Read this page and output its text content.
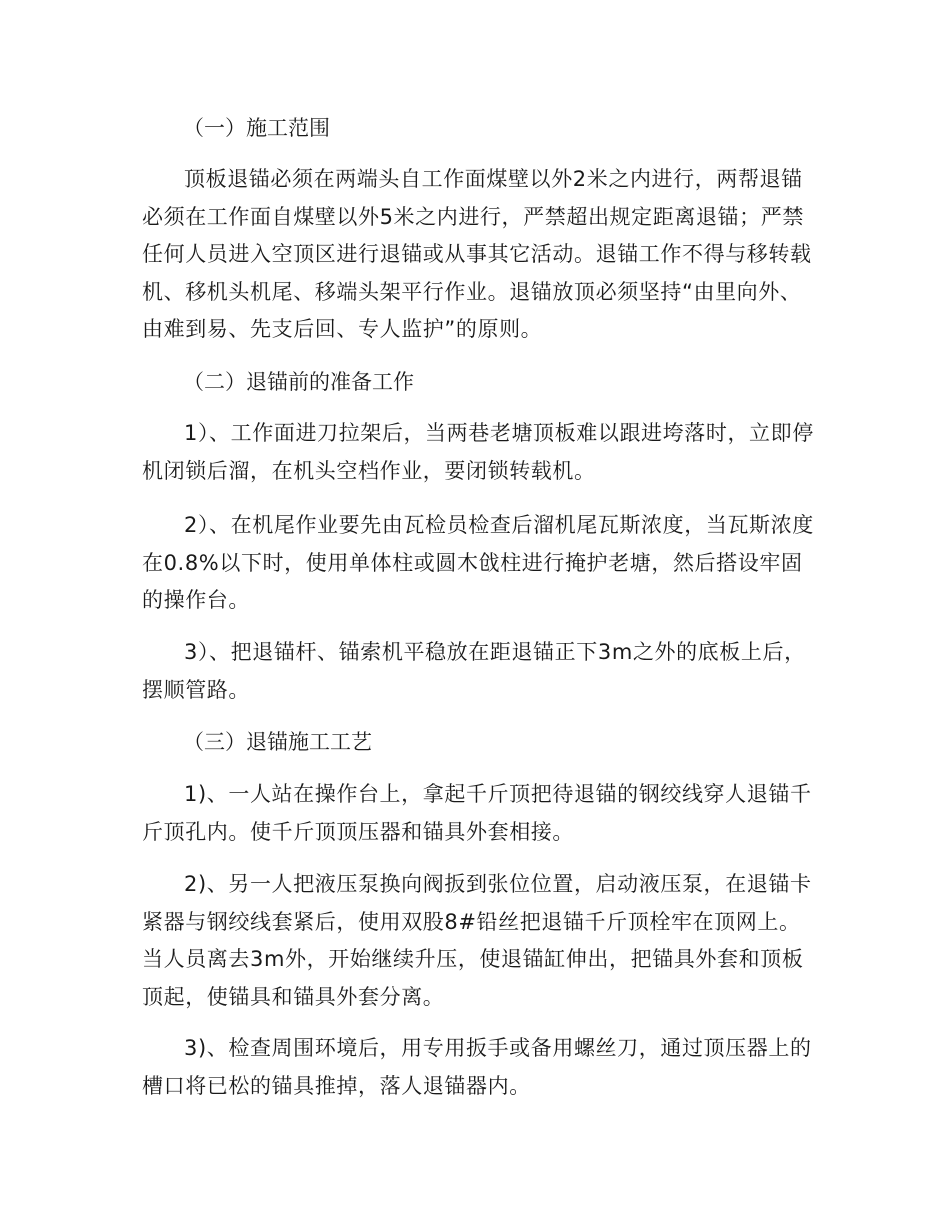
（一）施工范围
顶板退锚必须在两端头自工作面煤壁以外2米之内进行，两帮退锚必须在工作面自煤壁以外5米之内进行，严禁超出规定距离退锚；严禁任何人员进入空顶区进行退锚或从事其它活动。退锚工作不得与移转载机、移机头机尾、移端头架平行作业。退锚放顶必须坚持“由里向外、由难到易、先支后回、专人监护”的原则。
（二）退锚前的准备工作
1）、工作面进刀拉架后，当两巷老塘顶板难以跟进垮落时，立即停机闭锁后溜，在机头空档作业，要闭锁转载机。
2）、在机尾作业要先由瓦检员检查后溜机尾瓦斯浓度，当瓦斯浓度在0.8%以下时，使用单体柱或圆木戗柱进行掩护老塘，然后搭设牢固的操作台。
3）、把退锚杆、锚索机平稳放在距退锚正下3m之外的底板上后，摆顺管路。
（三）退锚施工工艺
1)、一人站在操作台上，拿起千斤顶把待退锚的钢绞线穿人退锚千斤顶孔内。使千斤顶顶压器和锚具外套相接。
2)、另一人把液压泵换向阀扳到张位位置，启动液压泵，在退锚卡紧器与钢绞线套紧后，使用双股8#铅丝把退锚千斤顶栓牢在顶网上。当人员离去3m外，开始继续升压，使退锚缸伸出，把锚具外套和顶板顶起，使锚具和锚具外套分离。
3)、检查周围环境后，用专用扳手或备用螺丝刀，通过顶压器上的槽口将已松的锚具推掉，落人退锚器内。
